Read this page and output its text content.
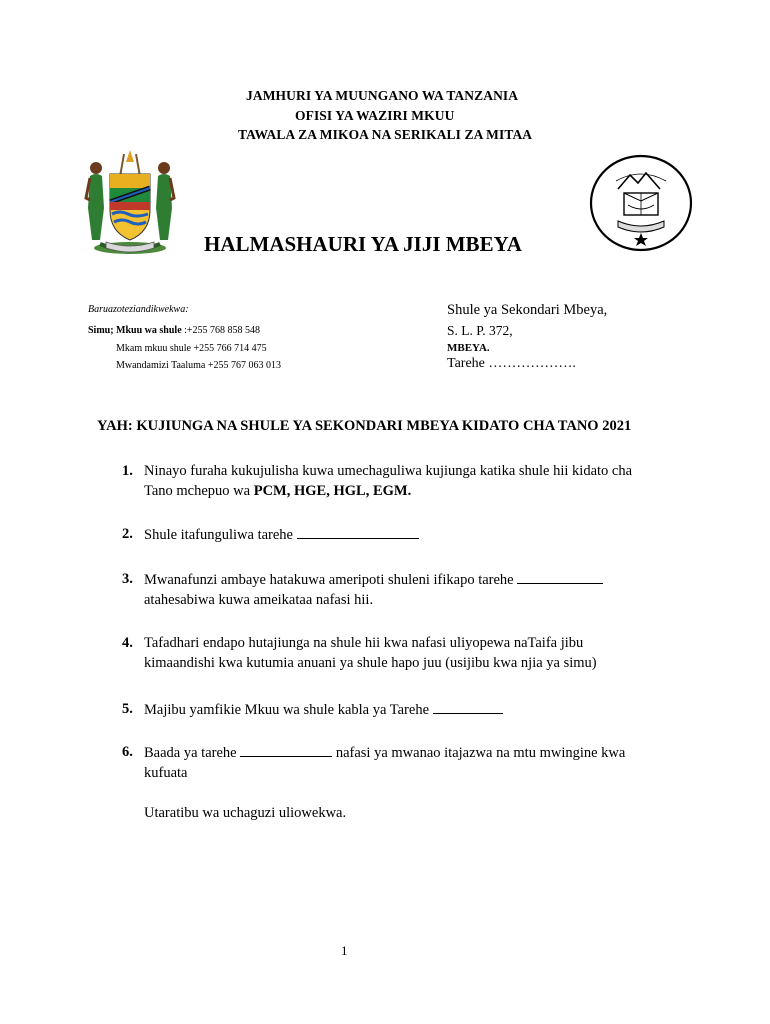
JAMHURI YA MUUNGANO WA TANZANIA
OFISI YA WAZIRI MKUU
TAWALA ZA MIKOA NA SERIKALI ZA MITAA
HALMASHAURI YA JIJI MBEYA
Baruazoteziandikwekwa:
Simu; Mkuu wa shule :+255 768 858 548
Mkam mkuu shule +255 766 714 475
Mwandamizi Taaluma +255 767 063 013
Shule ya Sekondari Mbeya,
S. L. P. 372,
MBEYA.
Tarehe ……………….
YAH: KUJIUNGA NA SHULE YA SEKONDARI MBEYA KIDATO CHA TANO 2021
1. Ninayo furaha kukujulisha kuwa umechaguliwa kujiunga katika shule hii kidato cha
Tano mchepuo wa PCM, HGE, HGL, EGM.
2. Shule itafunguliwa tarehe
3. Mwanafunzi ambaye hatakuwa ameripoti shuleni ifikapo tarehe
atahesabiwa kuwa ameikataa nafasi hii.
4. Tafadhari endapo hutajiunga na shule hii kwa nafasi uliyopewa naTaifa jibu
kimaandishi kwa kutumia anuani ya shule hapo juu (usijibu kwa njia ya simu)
5. Majibu yamfikie Mkuu wa shule kabla ya Tarehe
6. Baada ya tarehe	nafasi ya mwanao itajazwa na mtu mwingine kwa
kufuata
Utaratibu wa uchaguzi uliowekwa.
1
